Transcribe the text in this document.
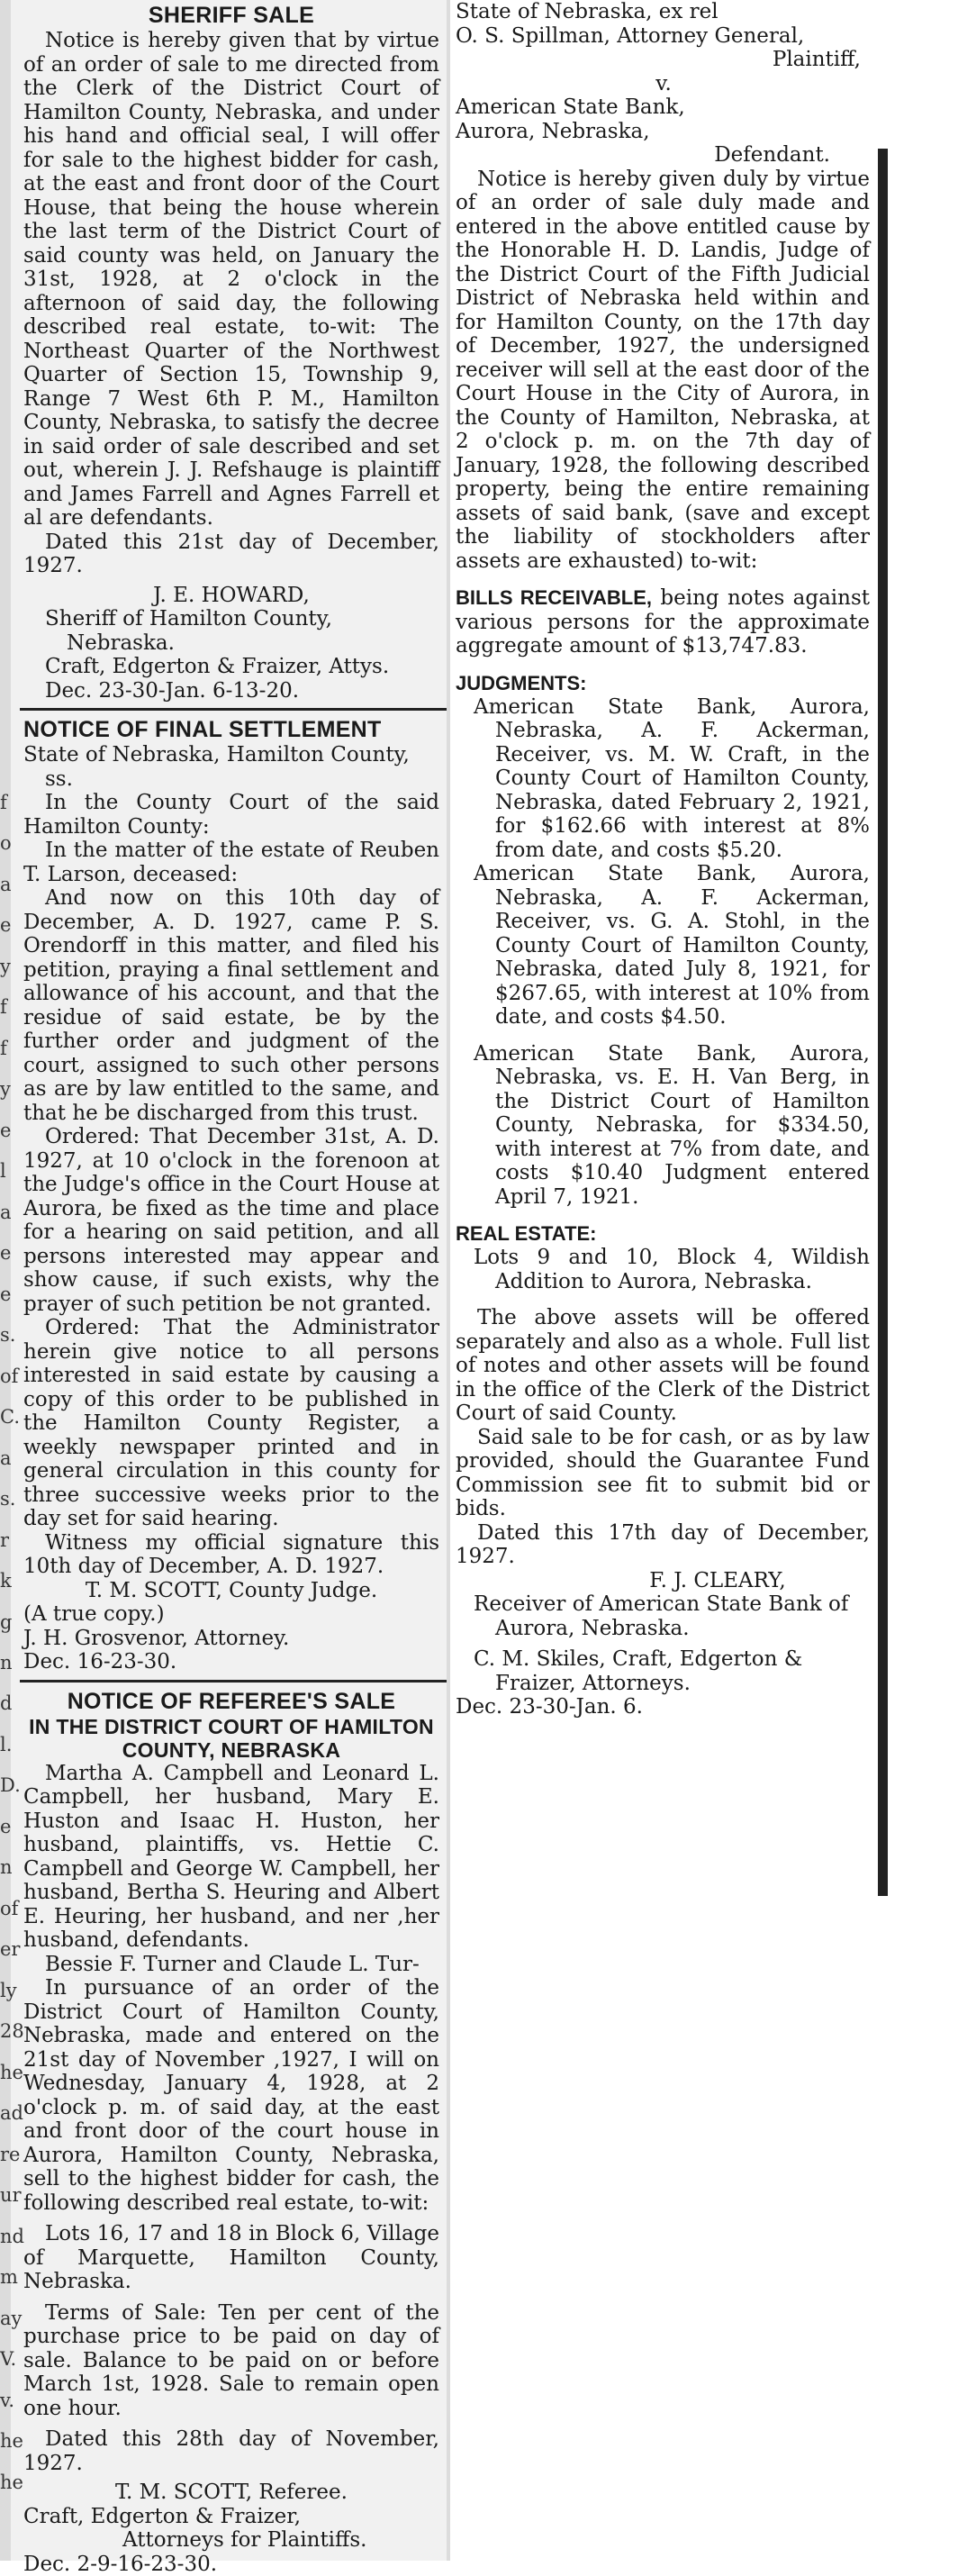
SHERIFF SALE

Notice is hereby given that by virtue of an order of sale to me directed from the Clerk of the District Court of Hamilton County, Nebraska, and under his hand and official seal, I will offer for sale to the highest bidder for cash, at the east and front door of the Court House, that being the house wherein the last term of the District Court of said county was held, on January the 31st, 1928, at 2 o'clock in the afternoon of said day, the following described real estate, to-wit: The Northeast Quarter of the Northwest Quarter of Section 15, Township 9, Range 7 West 6th P. M., Hamilton County, Nebraska, to satisfy the decree in said order of sale described and set out, wherein J. J. Refshauge is plaintiff and James Farrell and Agnes Farrell et al are defendants.

Dated this 21st day of December, 1927.

J. E. HOWARD,

Sheriff of Hamilton County, Nebraska.

Craft, Edgerton & Fraizer, Attys.

Dec. 23-30-Jan. 6-13-20.

NOTICE OF FINAL SETTLEMENT

State of Nebraska, Hamilton County, ss.

In the County Court of the said Hamilton County:

In the matter of the estate of Reuben T. Larson, deceased:

And now on this 10th day of December, A. D. 1927, came P. S. Orendorff in this matter, and filed his petition, praying a final settlement and allowance of his account, and that the residue of said estate, be by the further order and judgment of the court, assigned to such other persons as are by law entitled to the same, and that he be discharged from this trust.

Ordered: That December 31st, A. D. 1927, at 10 o'clock in the forenoon at the Judge's office in the Court House at Aurora, be fixed as the time and place for a hearing on said petition, and all persons interested may appear and show cause, if such exists, why the prayer of such petition be not granted.

Ordered: That the Administrator herein give notice to all persons interested in said estate by causing a copy of this order to be published in the Hamilton County Register, a weekly newspaper printed and in general circulation in this county for three successive weeks prior to the day set for said hearing.

Witness my official signature this 10th day of December, A. D. 1927.

T. M. SCOTT, County Judge.

(A true copy.)

J. H. Grosvenor, Attorney.

Dec. 16-23-30.

NOTICE OF REFEREE'S SALE
IN THE DISTRICT COURT OF HAMILTON COUNTY, NEBRASKA

Martha A. Campbell and Leonard L. Campbell, her husband, Mary E. Huston and Isaac H. Huston, her husband, plaintiffs, vs. Hettie C. Campbell and George W. Campbell, her husband, Bertha S. Heuring and Albert E. Heuring, her husband, and ner ,her husband, defendants.

Bessie F. Turner and Claude L. Tur-

In pursuance of an order of the District Court of Hamilton County, Nebraska, made and entered on the 21st day of November ,1927, I will on Wednesday, January 4, 1928, at 2 o'clock p. m. of said day, at the east and front door of the court house in Aurora, Hamilton County, Nebraska, sell to the highest bidder for cash, the following described real estate, to-wit:

Lots 16, 17 and 18 in Block 6, Village of Marquette, Hamilton County, Nebraska.

Terms of Sale: Ten per cent of the purchase price to be paid on day of sale. Balance to be paid on or before March 1st, 1928. Sale to remain open one hour.

Dated this 28th day of November, 1927.

T. M. SCOTT, Referee.

Craft, Edgerton & Fraizer,

Attorneys for Plaintiffs.

Dec. 2-9-16-23-30.

f
o
a
e
y
f
f
y
e
l
a
e
e
s.
of
C.
a
s.
r
k
g
n
d
l.
D.
e
n
of
er
ly
28
he
ad
re
ur
nd
m
ay
V.
v.
he
he

State of Nebraska, ex rel

O. S. Spillman, Attorney General,

Plaintiff,

v.

American State Bank,

Aurora, Nebraska,

Defendant.

Notice is hereby given duly by virtue of an order of sale duly made and entered in the above entitled cause by the Honorable H. D. Landis, Judge of the District Court of the Fifth Judicial District of Nebraska held within and for Hamilton County, on the 17th day of December, 1927, the undersigned receiver will sell at the east door of the Court House in the City of Aurora, in the County of Hamilton, Nebraska, at 2 o'clock p. m. on the 7th day of January, 1928, the following described property, being the entire remaining assets of said bank, (save and except the liability of stockholders after assets are exhausted) to-wit:

BILLS RECEIVABLE, being notes against various persons for the approximate aggregate amount of $13,747.83.

JUDGMENTS:

American State Bank, Aurora, Nebraska, A. F. Ackerman, Receiver, vs. M. W. Craft, in the County Court of Hamilton County, Nebraska, dated February 2, 1921, for $162.66 with interest at 8% from date, and costs $5.20.

American State Bank, Aurora, Nebraska, A. F. Ackerman, Receiver, vs. G. A. Stohl, in the County Court of Hamilton County, Nebraska, dated July 8, 1921, for $267.65, with interest at 10% from date, and costs $4.50.

American State Bank, Aurora, Nebraska, vs. E. H. Van Berg, in the District Court of Hamilton County, Nebraska, for $334.50, with interest at 7% from date, and costs $10.40 Judgment entered April 7, 1921.

REAL ESTATE:

Lots 9 and 10, Block 4, Wildish Addition to Aurora, Nebraska.

The above assets will be offered separately and also as a whole. Full list of notes and other assets will be found in the office of the Clerk of the District Court of said County.

Said sale to be for cash, or as by law provided, should the Guarantee Fund Commission see fit to submit bid or bids.

Dated this 17th day of December, 1927.

F. J. CLEARY,

Receiver of American State Bank of Aurora, Nebraska.

C. M. Skiles, Craft, Edgerton & Fraizer, Attorneys.

Dec. 23-30-Jan. 6.
